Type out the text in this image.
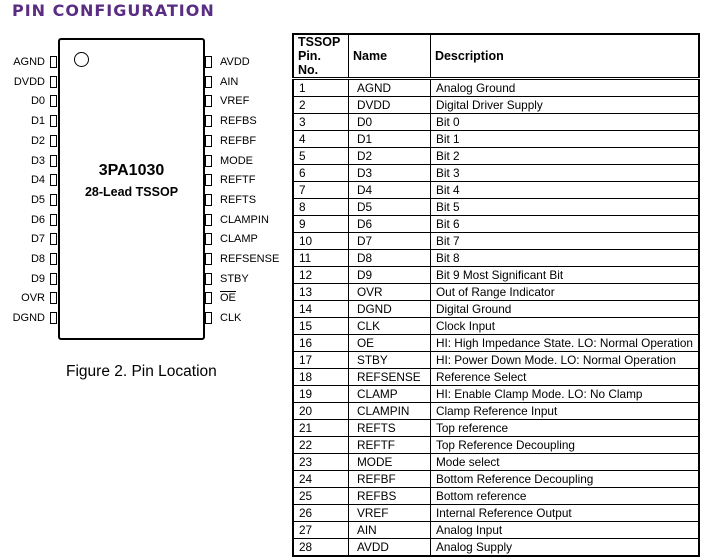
PIN CONFIGURATION
3PA1030
28-Lead TSSOP
AGND
DVDD
D0
D1
D2
D3
D4
D5
D6
D7
D8
D9
OVR
DGND
AVDD
AIN
VREF
REFBS
REFBF
MODE
REFTF
REFTS
CLAMPIN
CLAMP
REFSENSE
STBY
$\overline{OE}$
CLK
Figure 2. Pin Location
TSSOP
Pin. No.	Name	Description
1	AGND	Analog Ground
2	DVDD	Digital Driver Supply
3	D0	Bit 0
4	D1	Bit 1
5	D2	Bit 2
6	D3	Bit 3
7	D4	Bit 4
8	D5	Bit 5
9	D6	Bit 6
10	D7	Bit 7
11	D8	Bit 8
12	D9	Bit 9 Most Significant Bit
13	OVR	Out of Range Indicator
14	DGND	Digital Ground
15	CLK	Clock Input
16	OE	HI: High Impedance State. LO: Normal Operation
17	STBY	HI: Power Down Mode. LO: Normal Operation
18	REFSENSE	Reference Select
19	CLAMP	HI: Enable Clamp Mode. LO: No Clamp
20	CLAMPIN	Clamp Reference Input
21	REFTS	Top reference
22	REFTF	Top Reference Decoupling
23	MODE	Mode select
24	REFBF	Bottom Reference Decoupling
25	REFBS	Bottom reference
26	VREF	Internal Reference Output
27	AIN	Analog Input
28	AVDD	Analog Supply
